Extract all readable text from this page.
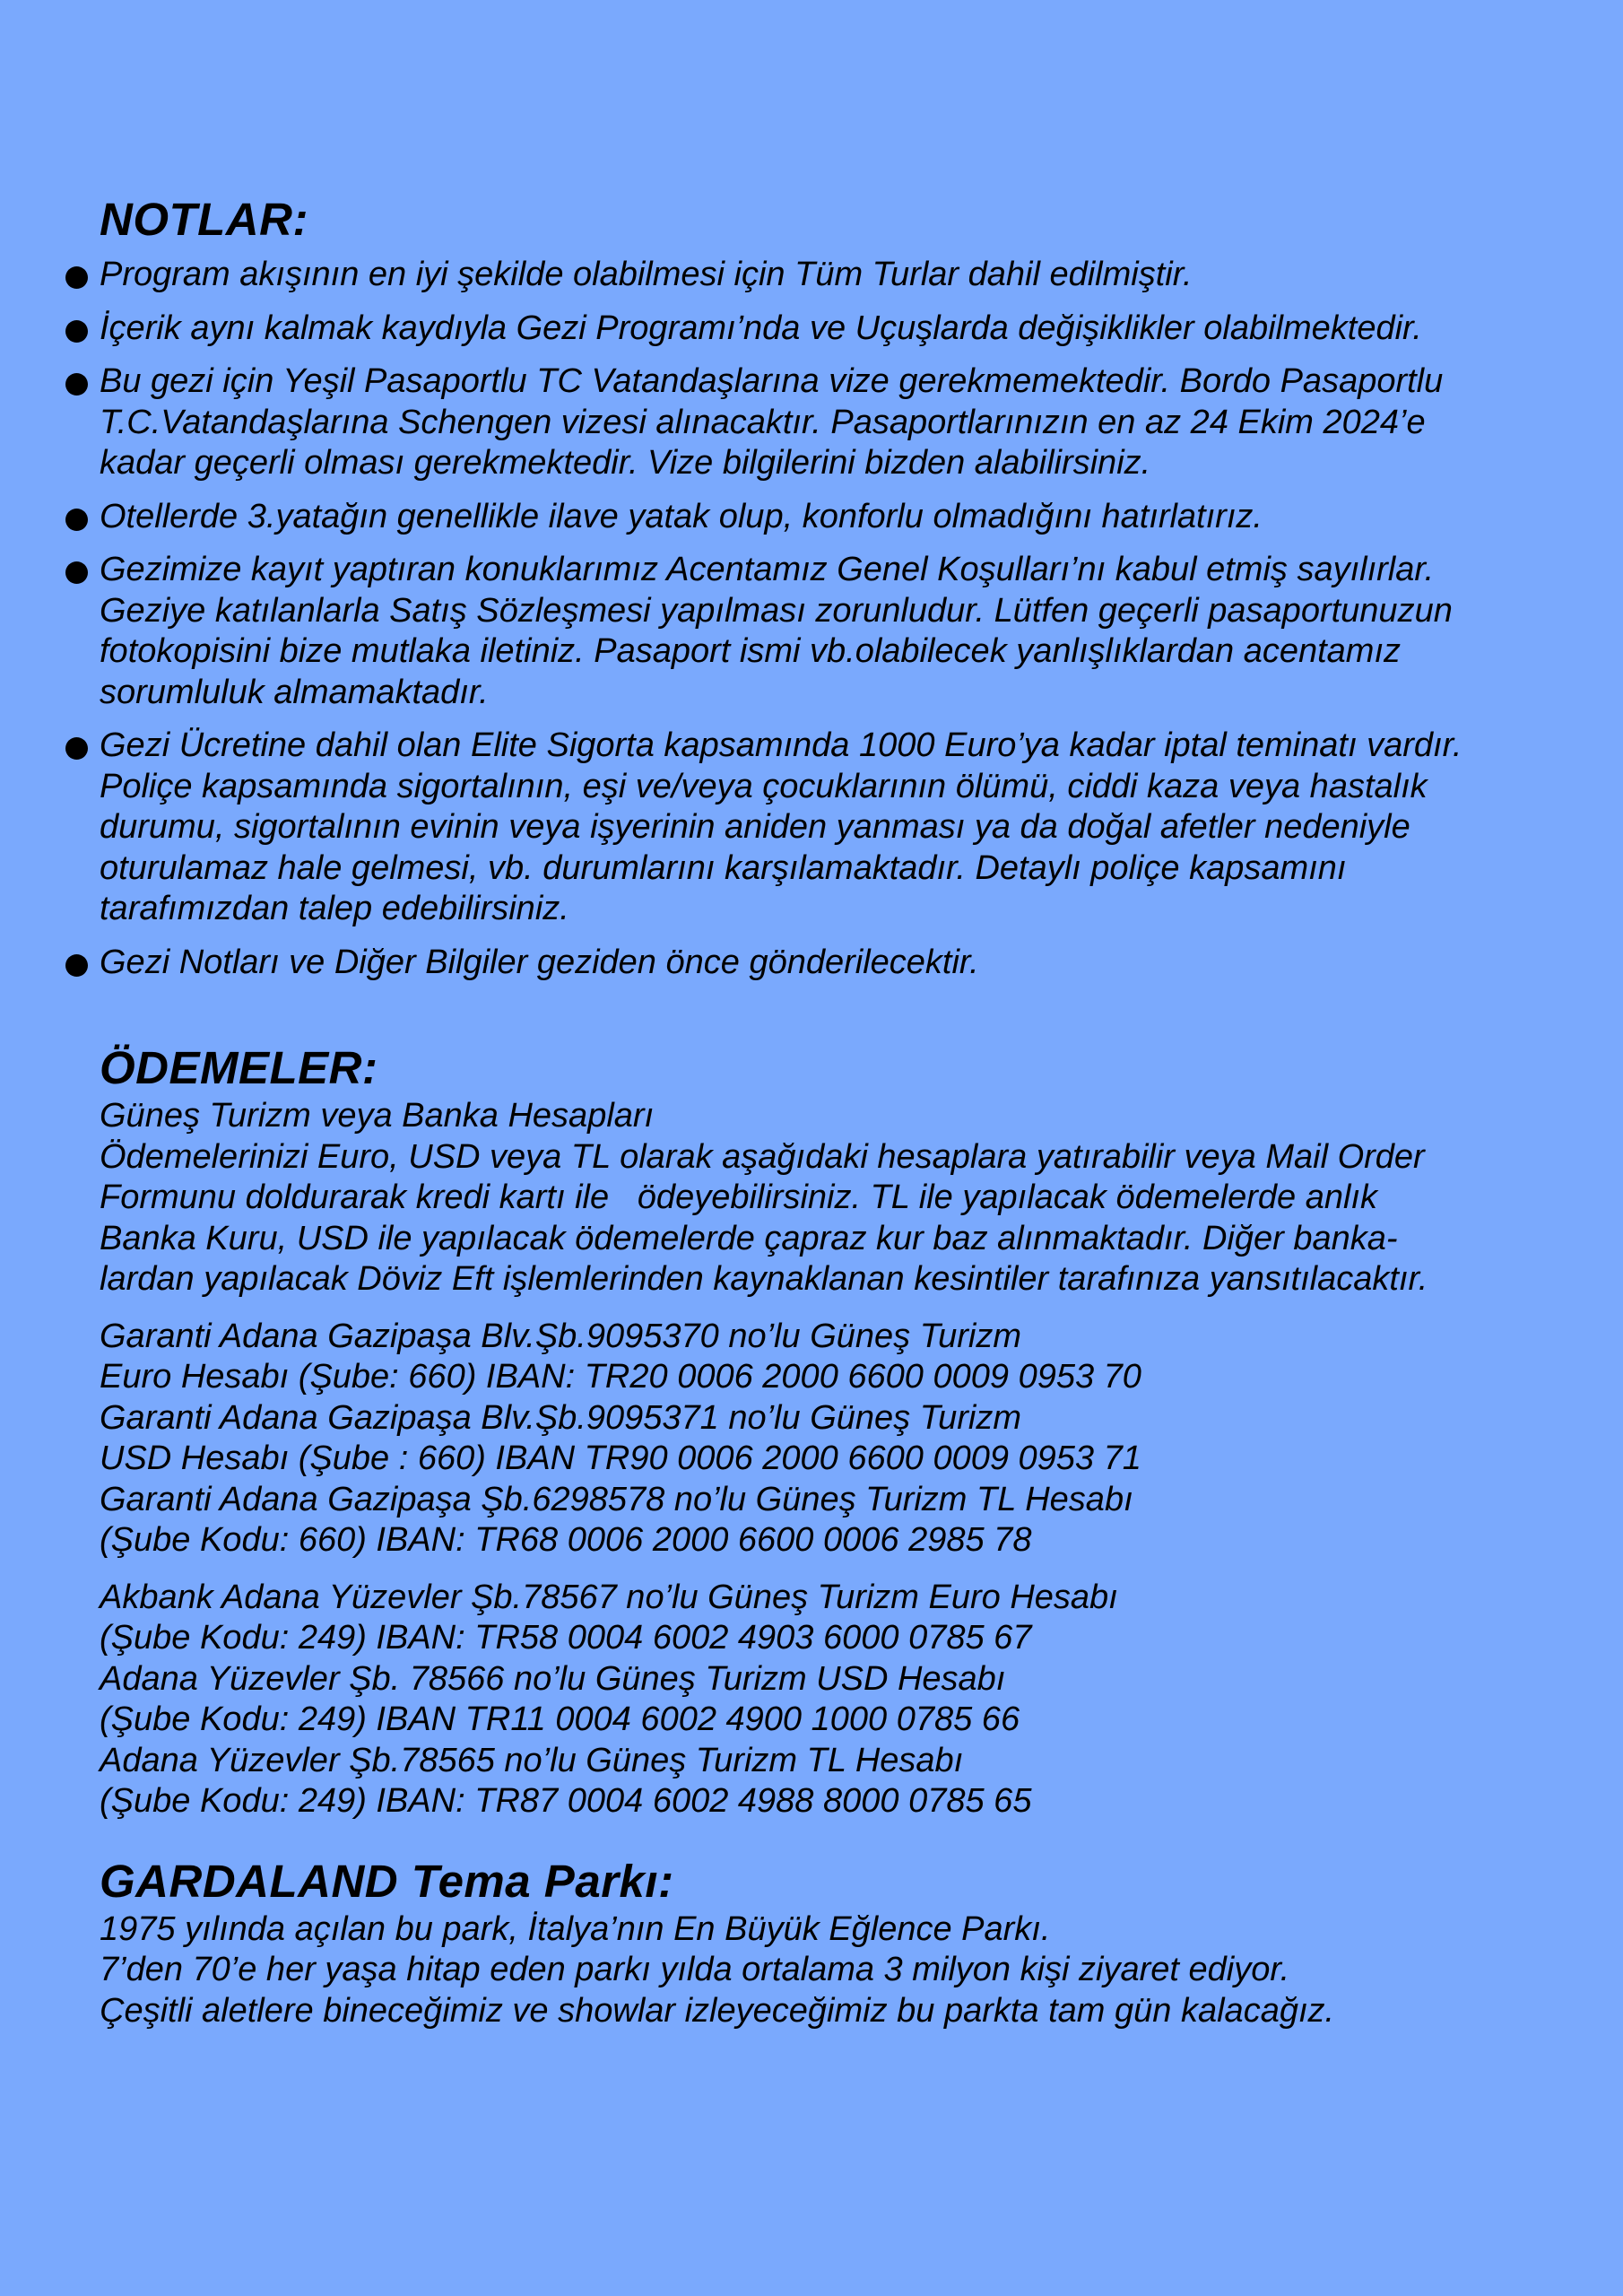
NOTLAR:
Program akışının en iyi şekilde olabilmesi için Tüm Turlar dahil edilmiştir.
İçerik aynı kalmak kaydıyla Gezi Programı’nda ve Uçuşlarda değişiklikler olabilmektedir.
Bu gezi için Yeşil Pasaportlu TC Vatandaşlarına vize gerekmemektedir. Bordo Pasaportlu
T.C.Vatandaşlarına Schengen vizesi alınacaktır. Pasaportlarınızın en az 24 Ekim 2024’e
kadar geçerli olması gerekmektedir. Vize bilgilerini bizden alabilirsiniz.
Otellerde 3.yatağın genellikle ilave yatak olup, konforlu olmadığını hatırlatırız.
Gezimize kayıt yaptıran konuklarımız Acentamız Genel Koşulları’nı kabul etmiş sayılırlar.
Geziye katılanlarla Satış Sözleşmesi yapılması zorunludur. Lütfen geçerli pasaportunuzun
fotokopisini bize mutlaka iletiniz. Pasaport ismi vb.olabilecek yanlışlıklardan acentamız
sorumluluk almamaktadır.
Gezi Ücretine dahil olan Elite Sigorta kapsamında 1000 Euro’ya kadar iptal teminatı vardır.
Poliçe kapsamında sigortalının, eşi ve/veya çocuklarının ölümü, ciddi kaza veya hastalık
durumu, sigortalının evinin veya işyerinin aniden yanması ya da doğal afetler nedeniyle
oturulamaz hale gelmesi, vb. durumlarını karşılamaktadır. Detaylı poliçe kapsamını
tarafımızdan talep edebilirsiniz.
Gezi Notları ve Diğer Bilgiler geziden önce gönderilecektir.
ÖDEMELER:
Güneş Turizm veya Banka Hesapları
Ödemelerinizi Euro, USD veya TL olarak aşağıdaki hesaplara yatırabilir veya Mail Order
Formunu doldurarak kredi kartı ile   ödeyebilirsiniz. TL ile yapılacak ödemelerde anlık
Banka Kuru, USD ile yapılacak ödemelerde çapraz kur baz alınmaktadır. Diğer banka-
lardan yapılacak Döviz Eft işlemlerinden kaynaklanan kesintiler tarafınıza yansıtılacaktır.
Garanti Adana Gazipaşa Blv.Şb.9095370 no’lu Güneş Turizm
Euro Hesabı (Şube: 660) IBAN: TR20 0006 2000 6600 0009 0953 70
Garanti Adana Gazipaşa Blv.Şb.9095371 no’lu Güneş Turizm
USD Hesabı (Şube : 660) IBAN TR90 0006 2000 6600 0009 0953 71
Garanti Adana Gazipaşa Şb.6298578 no’lu Güneş Turizm TL Hesabı
(Şube Kodu: 660) IBAN: TR68 0006 2000 6600 0006 2985 78
Akbank Adana Yüzevler Şb.78567 no’lu Güneş Turizm Euro Hesabı
(Şube Kodu: 249) IBAN: TR58 0004 6002 4903 6000 0785 67
Adana Yüzevler Şb. 78566 no’lu Güneş Turizm USD Hesabı
(Şube Kodu: 249) IBAN TR11 0004 6002 4900 1000 0785 66
Adana Yüzevler Şb.78565 no’lu Güneş Turizm TL Hesabı
(Şube Kodu: 249) IBAN: TR87 0004 6002 4988 8000 0785 65
GARDALAND Tema Parkı:
1975 yılında açılan bu park, İtalya’nın En Büyük Eğlence Parkı.
7’den 70’e her yaşa hitap eden parkı yılda ortalama 3 milyon kişi ziyaret ediyor.
Çeşitli aletlere bineceğimiz ve showlar izleyeceğimiz bu parkta tam gün kalacağız.
